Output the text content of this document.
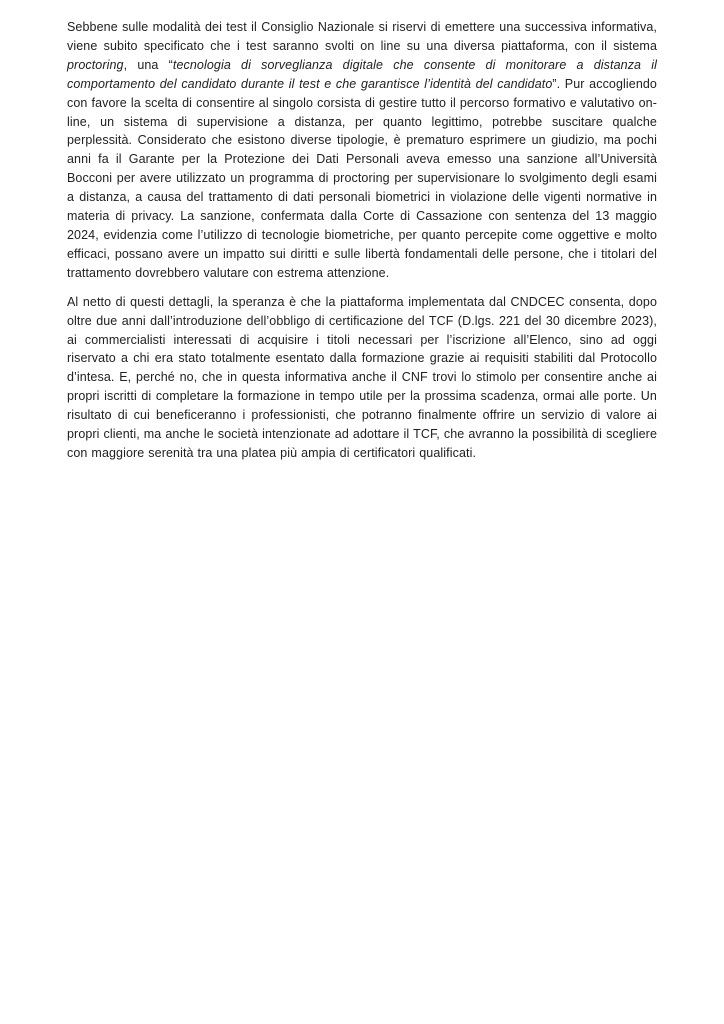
Sebbene sulle modalità dei test il Consiglio Nazionale si riservi di emettere una successiva informativa, viene subito specificato che i test saranno svolti on line su una diversa piattaforma, con il sistema proctoring, una “tecnologia di sorveglianza digitale che consente di monitorare a distanza il comportamento del candidato durante il test e che garantisce l’identità del candidato”. Pur accogliendo con favore la scelta di consentire al singolo corsista di gestire tutto il percorso formativo e valutativo on-line, un sistema di supervisione a distanza, per quanto legittimo, potrebbe suscitare qualche perplessità. Considerato che esistono diverse tipologie, è prematuro esprimere un giudizio, ma pochi anni fa il Garante per la Protezione dei Dati Personali aveva emesso una sanzione all’Università Bocconi per avere utilizzato un programma di proctoring per supervisionare lo svolgimento degli esami a distanza, a causa del trattamento di dati personali biometrici in violazione delle vigenti normative in materia di privacy. La sanzione, confermata dalla Corte di Cassazione con sentenza del 13 maggio 2024, evidenzia come l’utilizzo di tecnologie biometriche, per quanto percepite come oggettive e molto efficaci, possano avere un impatto sui diritti e sulle libertà fondamentali delle persone, che i titolari del trattamento dovrebbero valutare con estrema attenzione.

Al netto di questi dettagli, la speranza è che la piattaforma implementata dal CNDCEC consenta, dopo oltre due anni dall’introduzione dell’obbligo di certificazione del TCF (D.lgs. 221 del 30 dicembre 2023), ai commercialisti interessati di acquisire i titoli necessari per l’iscrizione all’Elenco, sino ad oggi riservato a chi era stato totalmente esentato dalla formazione grazie ai requisiti stabiliti dal Protocollo d’intesa. E, perché no, che in questa informativa anche il CNF trovi lo stimolo per consentire anche ai propri iscritti di completare la formazione in tempo utile per la prossima scadenza, ormai alle porte. Un risultato di cui beneficeranno i professionisti, che potranno finalmente offrire un servizio di valore ai propri clienti, ma anche le società intenzionate ad adottare il TCF, che avranno la possibilità di scegliere con maggiore serenità tra una platea più ampia di certificatori qualificati.
